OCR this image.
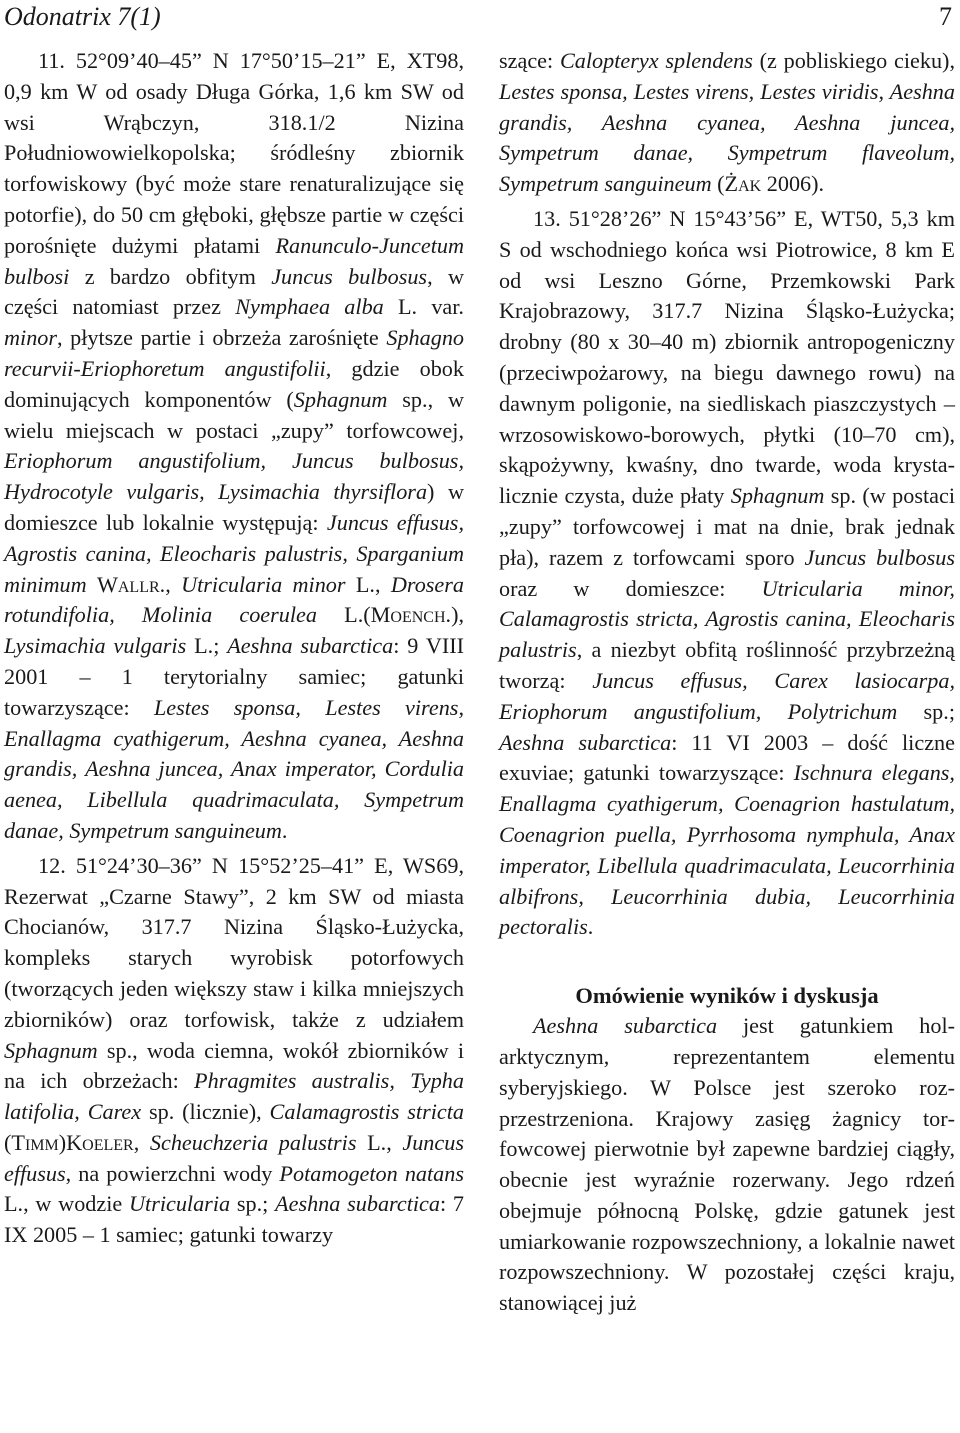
Odonatrix 7(1)	7

11. 52°09’40–45” N 17°50’15–21” E, XT98, 0,9 km W od osady Długa Górka, 1,6 km SW od wsi Wrąbczyn, 318.1/2 Nizina Południowowielkopolska; śródleśny zbiornik torfowiskowy (być może stare renaturalizujące się potorfie), do 50 cm głęboki, głębsze partie w części porośnięte dużymi płatami Ranunculo-Juncetum bulbosi z bardzo obfitym Juncus bulbosus, w części natomiast przez Nymphaea alba L. var. minor, płytsze partie i obrzeża zarośnięte Sphagno recurvii-Eriophoretum angustifolii, gdzie obok dominujących komponentów (Sphagnum sp., w wielu miejscach w postaci „zupy” torfowcowej, Eriophorum angustifolium, Juncus bulbosus, Hydrocotyle vulgaris, Lysimachia thyrsiflora) w domieszce lub lokalnie występują: Juncus effusus, Agrostis canina, Eleocharis palustris, Sparganium minimum Wallr., Utricularia minor L., Drosera rotundifolia, Molinia coerulea L.(Moench.), Lysimachia vulgaris L.; Aeshna subarctica: 9 VIII 2001 – 1 terytorialny samiec; gatunki towarzyszące: Lestes sponsa, Lestes virens, Enallagma cyathigerum, Aeshna cyanea, Aeshna grandis, Aeshna juncea, Anax imperator, Cordulia aenea, Libellula quadrimaculata, Sympetrum danae, Sympetrum sanguineum.

12. 51°24’30–36” N 15°52’25–41” E, WS69, Rezerwat „Czarne Stawy”, 2 km SW od miasta Chocianów, 317.7 Nizina Śląsko-Łużycka, kompleks starych wyrobisk potorfowych (tworzących jeden większy staw i kilka mniejszych zbiorników) oraz torfowisk, także z udziałem Sphagnum sp., woda ciemna, wokół zbiorników i na ich obrzeżach: Phragmites australis, Typha latifolia, Carex sp. (licznie), Calamagrostis stricta (Timm)Koeler, Scheuchzeria palustris L., Juncus effusus, na powierzchni wody Potamogeton natans L., w wodzie Utricularia sp.; Aeshna subarctica: 7 IX 2005 – 1 samiec; gatunki towarzy

szące: Calopteryx splendens (z pobliskiego cieku), Lestes sponsa, Lestes virens, Lestes viridis, Aeshna grandis, Aeshna cyanea, Aeshna juncea, Sympetrum danae, Sympetrum flaveolum, Sympetrum sanguineum (Żak 2006).

13. 51°28’26” N 15°43’56” E, WT50, 5,3 km S od wschodniego końca wsi Piotrowice, 8 km E od wsi Leszno Górne, Przemkowski Park Krajobrazowy, 317.7 Nizina Śląsko-Łużycka; drobny (80 x 30–40 m) zbiornik antropogeniczny (przeciwpożarowy, na biegu dawnego rowu) na dawnym poligonie, na siedliskach piaszczystych – wrzosowiskowo-borowych, płytki (10–70 cm), skąpożywny, kwaśny, dno twarde, woda krystalicznie czysta, duże płaty Sphagnum sp. (w postaci „zupy” torfowcowej i mat na dnie, brak jednak pła), razem z torfowcami sporo Juncus bulbosus oraz w domieszce: Utricularia minor, Calamagrostis stricta, Agrostis canina, Eleocharis palustris, a niezbyt obfitą roślinność przybrzeżną tworzą: Juncus effusus, Carex lasiocarpa, Eriophorum angustifolium, Polytrichum sp.; Aeshna subarctica: 11 VI 2003 – dość liczne exuviae; gatunki towarzyszące: Ischnura elegans, Enallagma cyathigerum, Coenagrion hastulatum, Coenagrion puella, Pyrrhosoma nymphula, Anax imperator, Libellula quadrimaculata, Leucorrhinia albifrons, Leucorrhinia dubia, Leucorrhinia pectoralis.

Omówienie wyników i dyskusja

Aeshna subarctica jest gatunkiem holarktycznym, reprezentantem elementu syberyjskiego. W Polsce jest szeroko rozprzestrzeniona. Krajowy zasięg żagnicy torfowcowej pierwotnie był zapewne bardziej ciągły, obecnie jest wyraźnie rozerwany. Jego rdzeń obejmuje północną Polskę, gdzie gatunek jest umiarkowanie rozpowszechniony, a lokalnie nawet rozpowszechniony. W pozostałej części kraju, stanowiącej już
